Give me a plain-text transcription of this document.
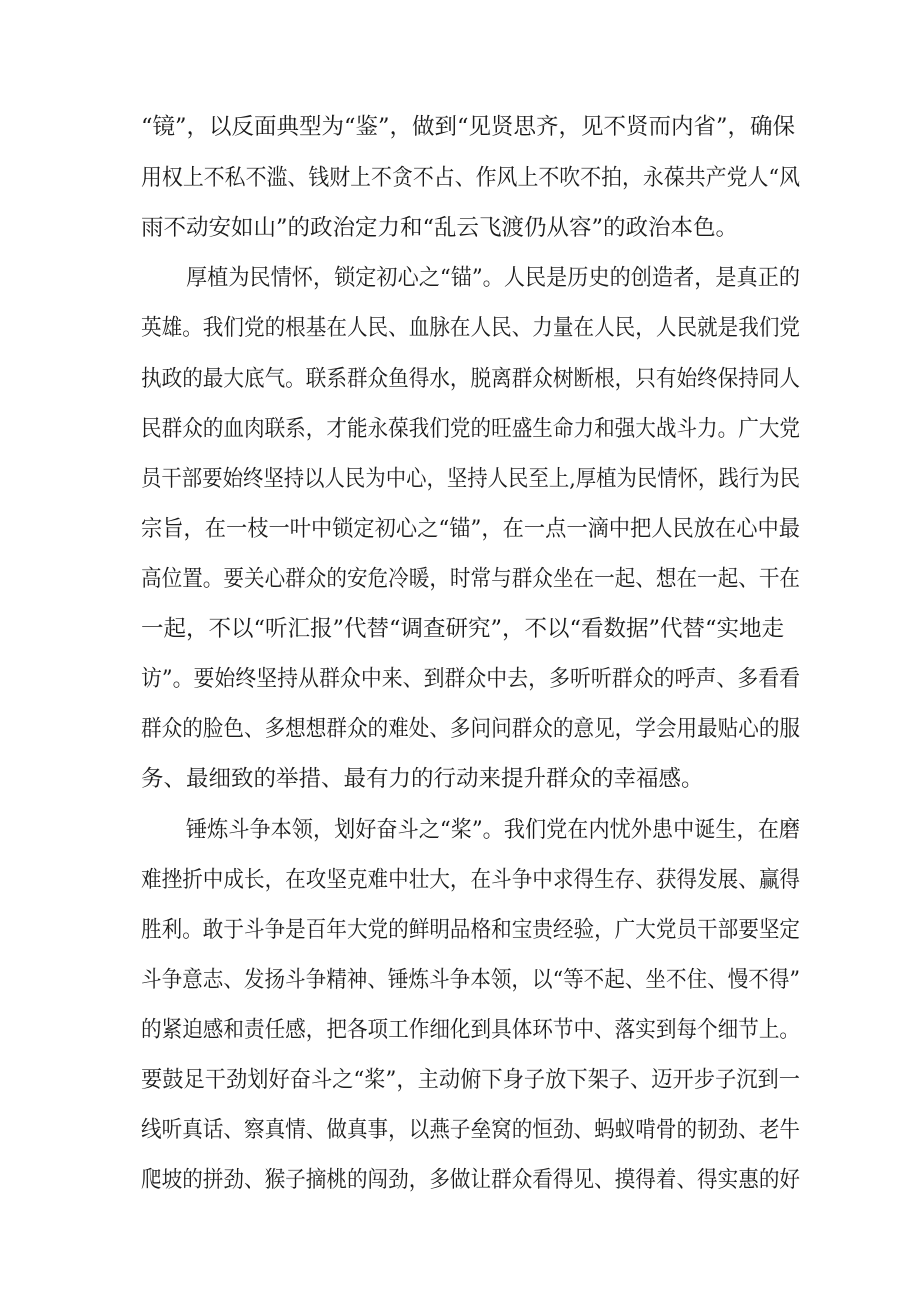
“镜”，以反面典型为“鉴”，做到“见贤思齐，见不贤而内省”，确保
用权上不私不滥、钱财上不贪不占、作风上不吹不拍，永葆共产党人“风
雨不动安如山”的政治定力和“乱云飞渡仍从容”的政治本色。
厚植为民情怀，锁定初心之“锚”。人民是历史的创造者，是真正的
英雄。我们党的根基在人民、血脉在人民、力量在人民，人民就是我们党
执政的最大底气。联系群众鱼得水，脱离群众树断根，只有始终保持同人
民群众的血肉联系，才能永葆我们党的旺盛生命力和强大战斗力。广大党
员干部要始终坚持以人民为中心，坚持人民至上,厚植为民情怀，践行为民
宗旨，在一枝一叶中锁定初心之“锚”，在一点一滴中把人民放在心中最
高位置。要关心群众的安危冷暖，时常与群众坐在一起、想在一起、干在
一起，不以“听汇报”代替“调查研究”，不以“看数据”代替“实地走
访”。要始终坚持从群众中来、到群众中去，多听听群众的呼声、多看看
群众的脸色、多想想群众的难处、多问问群众的意见，学会用最贴心的服
务、最细致的举措、最有力的行动来提升群众的幸福感。
锤炼斗争本领，划好奋斗之“桨”。我们党在内忧外患中诞生，在磨
难挫折中成长，在攻坚克难中壮大，在斗争中求得生存、获得发展、赢得
胜利。敢于斗争是百年大党的鲜明品格和宝贵经验，广大党员干部要坚定
斗争意志、发扬斗争精神、锤炼斗争本领，以“等不起、坐不住、慢不得”
的紧迫感和责任感，把各项工作细化到具体环节中、落实到每个细节上。
要鼓足干劲划好奋斗之“桨”，主动俯下身子放下架子、迈开步子沉到一
线听真话、察真情、做真事，以燕子垒窝的恒劲、蚂蚁啃骨的韧劲、老牛
爬坡的拼劲、猴子摘桃的闯劲，多做让群众看得见、摸得着、得实惠的好
